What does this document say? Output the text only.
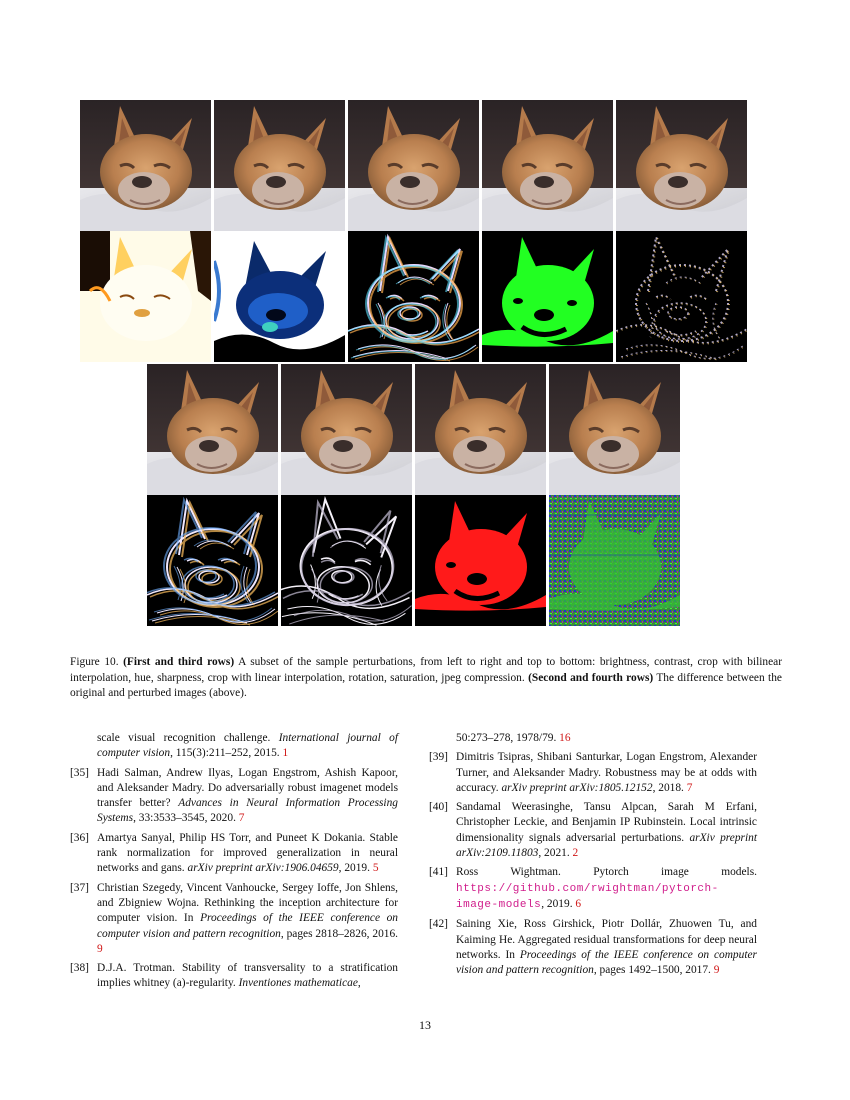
Figure 10. (First and third rows) A subset of the sample perturbations, from left to right and top to bottom: brightness, contrast, crop with bilinear interpolation, hue, sharpness, crop with linear interpolation, rotation, saturation, jpeg compression. (Second and fourth rows) The difference between the original and perturbed images (above).
scale visual recognition challenge. International journal of computer vision, 115(3):211–252, 2015. 1
[35] Hadi Salman, Andrew Ilyas, Logan Engstrom, Ashish Kapoor, and Aleksander Madry. Do adversarially robust imagenet models transfer better? Advances in Neural Information Processing Systems, 33:3533–3545, 2020. 7
[36] Amartya Sanyal, Philip HS Torr, and Puneet K Dokania. Stable rank normalization for improved generalization in neural networks and gans. arXiv preprint arXiv:1906.04659, 2019. 5
[37] Christian Szegedy, Vincent Vanhoucke, Sergey Ioffe, Jon Shlens, and Zbigniew Wojna. Rethinking the inception architecture for computer vision. In Proceedings of the IEEE conference on computer vision and pattern recognition, pages 2818–2826, 2016. 9
[38] D.J.A. Trotman. Stability of transversality to a stratification implies whitney (a)-regularity. Inventiones mathematicae,
50:273–278, 1978/79. 16
[39] Dimitris Tsipras, Shibani Santurkar, Logan Engstrom, Alexander Turner, and Aleksander Madry. Robustness may be at odds with accuracy. arXiv preprint arXiv:1805.12152, 2018. 7
[40] Sandamal Weerasinghe, Tansu Alpcan, Sarah M Erfani, Christopher Leckie, and Benjamin IP Rubinstein. Local intrinsic dimensionality signals adversarial perturbations. arXiv preprint arXiv:2109.11803, 2021. 2
[41] Ross Wightman. Pytorch image models. https://github.com/rwightman/pytorch-image-models, 2019. 6
[42] Saining Xie, Ross Girshick, Piotr Dollár, Zhuowen Tu, and Kaiming He. Aggregated residual transformations for deep neural networks. In Proceedings of the IEEE conference on computer vision and pattern recognition, pages 1492–1500, 2017. 9
13
